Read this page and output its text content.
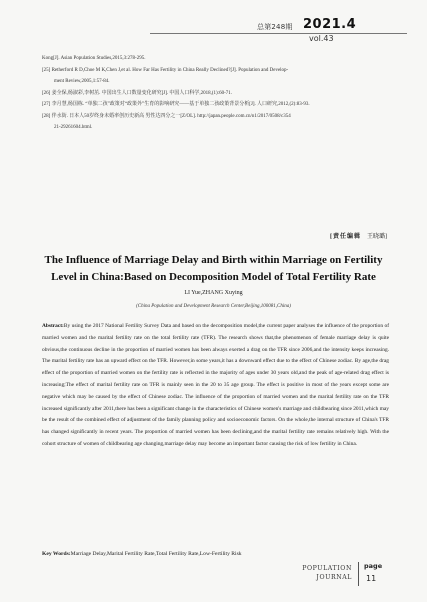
总第248期 2021.4
vol.43

Kong[J]. Asian Population Studies,2015,3:278-295.

[25] Retherford R D,Choe M K,Chen J,et al. How Far Has Fertility in China Really Declined?[J]. Population and Develop-
ment Review,2005,1:57-84.

[26] 姜全保,杨淑彩,李树茁. 中国出生人口数量变化研究[J]. 中国人口科学,2018,(1):60-71.

[27] 李月慧,杨国栋. “单独二孩”政策对“政策外”生育的影响研究——基于单独二孩政策背景分析[J]. 人口研究,2012,(2):83-93.

[28] 伴水街. 日本人50岁终身未婚率创历史新高 男性达四分之一[Z/OL]. http://japan.people.com.cn/n1/2017/0508/c354
21-29261604.html.

[责任编辑 王晓璐]
The Influence of Marriage Delay and Birth within Marriage on Fertility
Level in China:Based on Decomposition Model of Total Fertility Rate
LI Yue,ZHANG Xuying
(China Population and Development Research Center,Beijing,100081,China)
Abstract:By using the 2017 National Fertility Survey Data and based on the decomposition model,the current paper analyses the influence of the proportion of married women and the marital fertility rate on the total fertility rate (TFR). The research shows that,the phenomenon of female marriage delay is quite obvious,the continuous decline in the proportion of married women has been always exerted a drag on the TFR since 2006,and the intensity keeps increasing. The marital fertility rate has an upward effect on the TFR. However,in some years,it has a downward effect due to the effect of Chinese zodiac. By age,the drag effect of the proportion of married women on the fertility rate is reflected in the majority of ages under 30 years old,and the peak of age-related drag effect is increasing;The effect of marital fertility rate on TFR is mainly seen in the 20 to 35 age group. The effect is positive in most of the years except some are negative which may be caused by the effect of Chinese zodiac. The influence of the proportion of married women and the marital fertility rate on the TFR increased significantly after 2011,there has been a significant change in the characteristics of Chinese women's marriage and childbearing since 2011,which may be the result of the combined effect of adjustment of the family planning policy and socioeconomic factors. On the whole,the internal structure of China's TFR has changed significantly in recent years. The proportion of married women has been declining,and the marital fertility rate remains relatively high. With the cohort structure of women of childbearing age changing,marriage delay may become an important factor causing the risk of low fertility in China.
Key Words:Marriage Delay,Marital Fertility Rate,Total Fertility Rate,Low-Fertility Risk
POPULATION
JOURNAL
page
11
